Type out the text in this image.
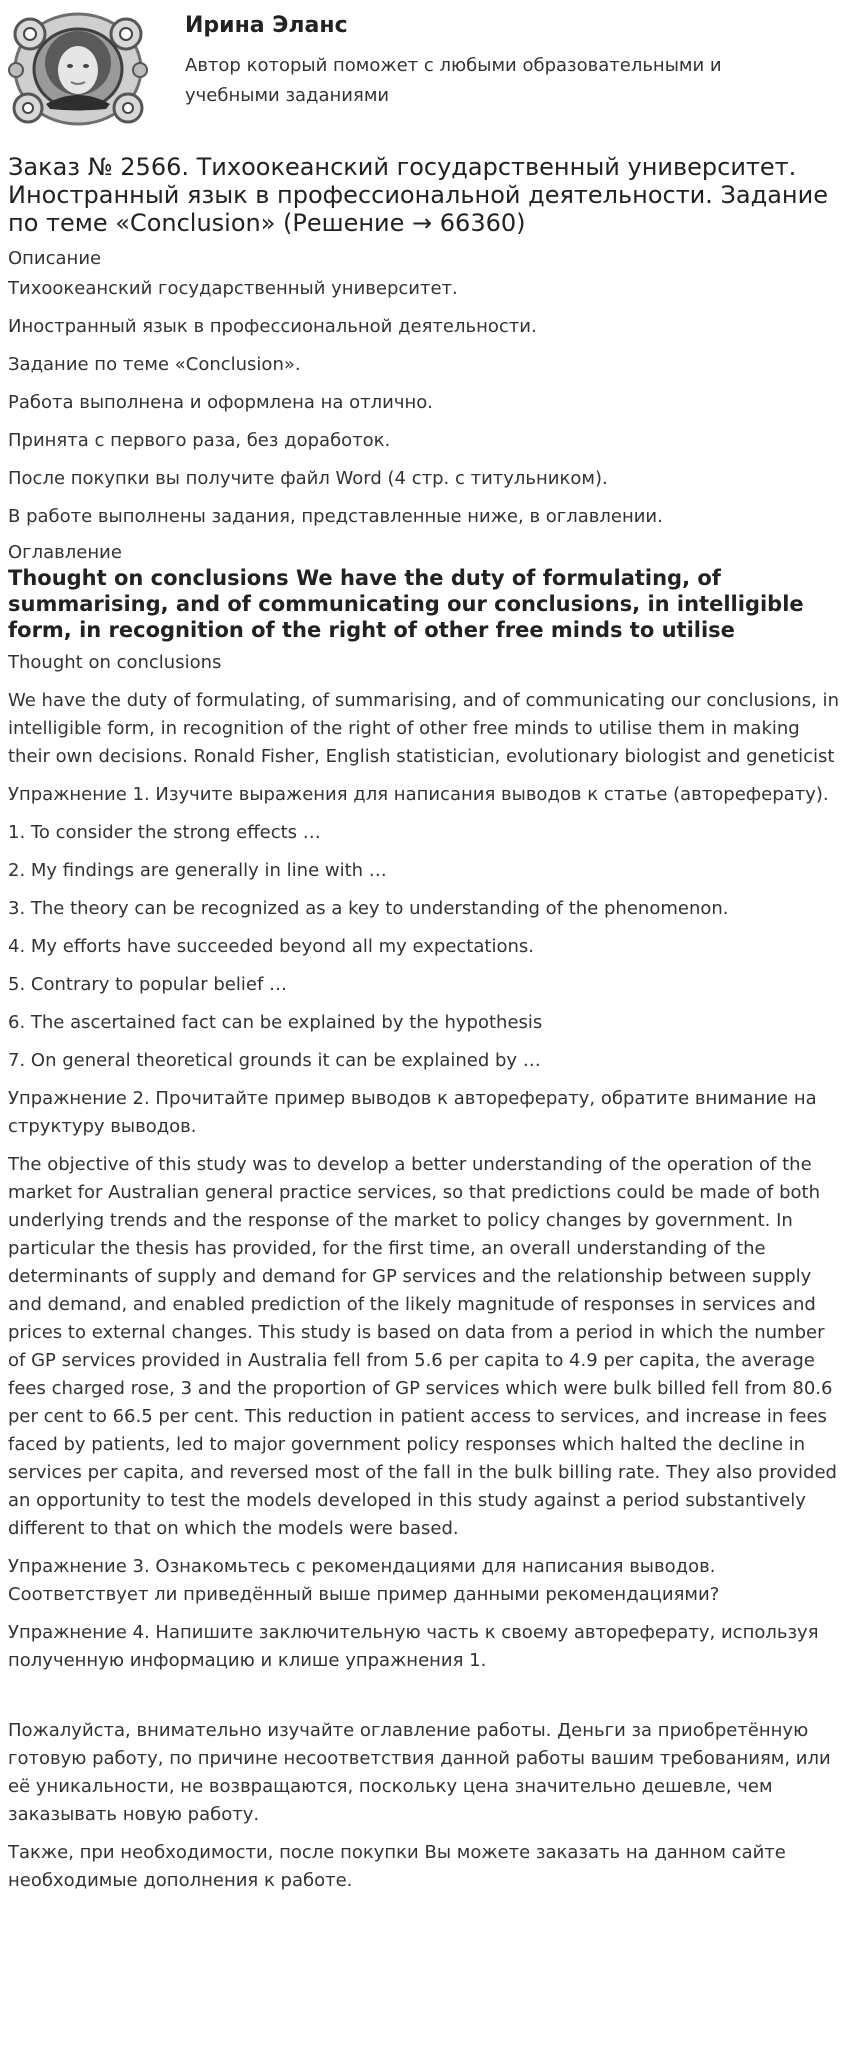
Ирина Эланс
Автор который поможет с любыми образовательными и учебными заданиями
Заказ № 2566. Тихоокеанский государственный университет. Иностранный язык в профессиональной деятельности. Задание по теме «Conclusion» (Решение → 66360)
Описание

Тихоокеанский государственный университет.

Иностранный язык в профессиональной деятельности.

Задание по теме «Conclusion».

Работа выполнена и оформлена на отлично.

Принята с первого раза, без доработок.

После покупки вы получите файл Word (4 стр. с титульником).

В работе выполнены задания, представленные ниже, в оглавлении.

Оглавление
Thought on conclusions We have the duty of formulating, of summarising, and of communicating our conclusions, in intelligible form, in recognition of the right of other free minds to utilise

Thought on conclusions

We have the duty of formulating, of summarising, and of communicating our conclusions, in intelligible form, in recognition of the right of other free minds to utilise them in making their own decisions. Ronald Fisher, English statistician, evolutionary biologist and geneticist

Упражнение 1. Изучите выражения для написания выводов к статье (автореферату).

1. To consider the strong effects …

2. My findings are generally in line with …

3. The theory can be recognized as a key to understanding of the phenomenon.

4. My efforts have succeeded beyond all my expectations.

5. Contrary to popular belief …

6. The ascertained fact can be explained by the hypothesis

7. On general theoretical grounds it can be explained by …

Упражнение 2. Прочитайте пример выводов к автореферату, обратите внимание на структуру выводов.

The objective of this study was to develop a better understanding of the operation of the market for Australian general practice services, so that predictions could be made of both underlying trends and the response of the market to policy changes by government. In particular the thesis has provided, for the first time, an overall understanding of the determinants of supply and demand for GP services and the relationship between supply and demand, and enabled prediction of the likely magnitude of responses in services and prices to external changes. This study is based on data from a period in which the number of GP services provided in Australia fell from 5.6 per capita to 4.9 per capita, the average fees charged rose, 3 and the proportion of GP services which were bulk billed fell from 80.6 per cent to 66.5 per cent. This reduction in patient access to services, and increase in fees faced by patients, led to major government policy responses which halted the decline in services per capita, and reversed most of the fall in the bulk billing rate. They also provided an opportunity to test the models developed in this study against a period substantively different to that on which the models were based.

Упражнение 3. Ознакомьтесь с рекомендациями для написания выводов. Соответствует ли приведённый выше пример данными рекомендациями?

Упражнение 4. Напишите заключительную часть к своему автореферату, используя полученную информацию и клише упражнения 1.

Пожалуйста, внимательно изучайте оглавление работы. Деньги за приобретённую готовую работу, по причине несоответствия данной работы вашим требованиям, или её уникальности, не возвращаются, поскольку цена значительно дешевле, чем заказывать новую работу.

Также, при необходимости, после покупки Вы можете заказать на данном сайте необходимые дополнения к работе.
